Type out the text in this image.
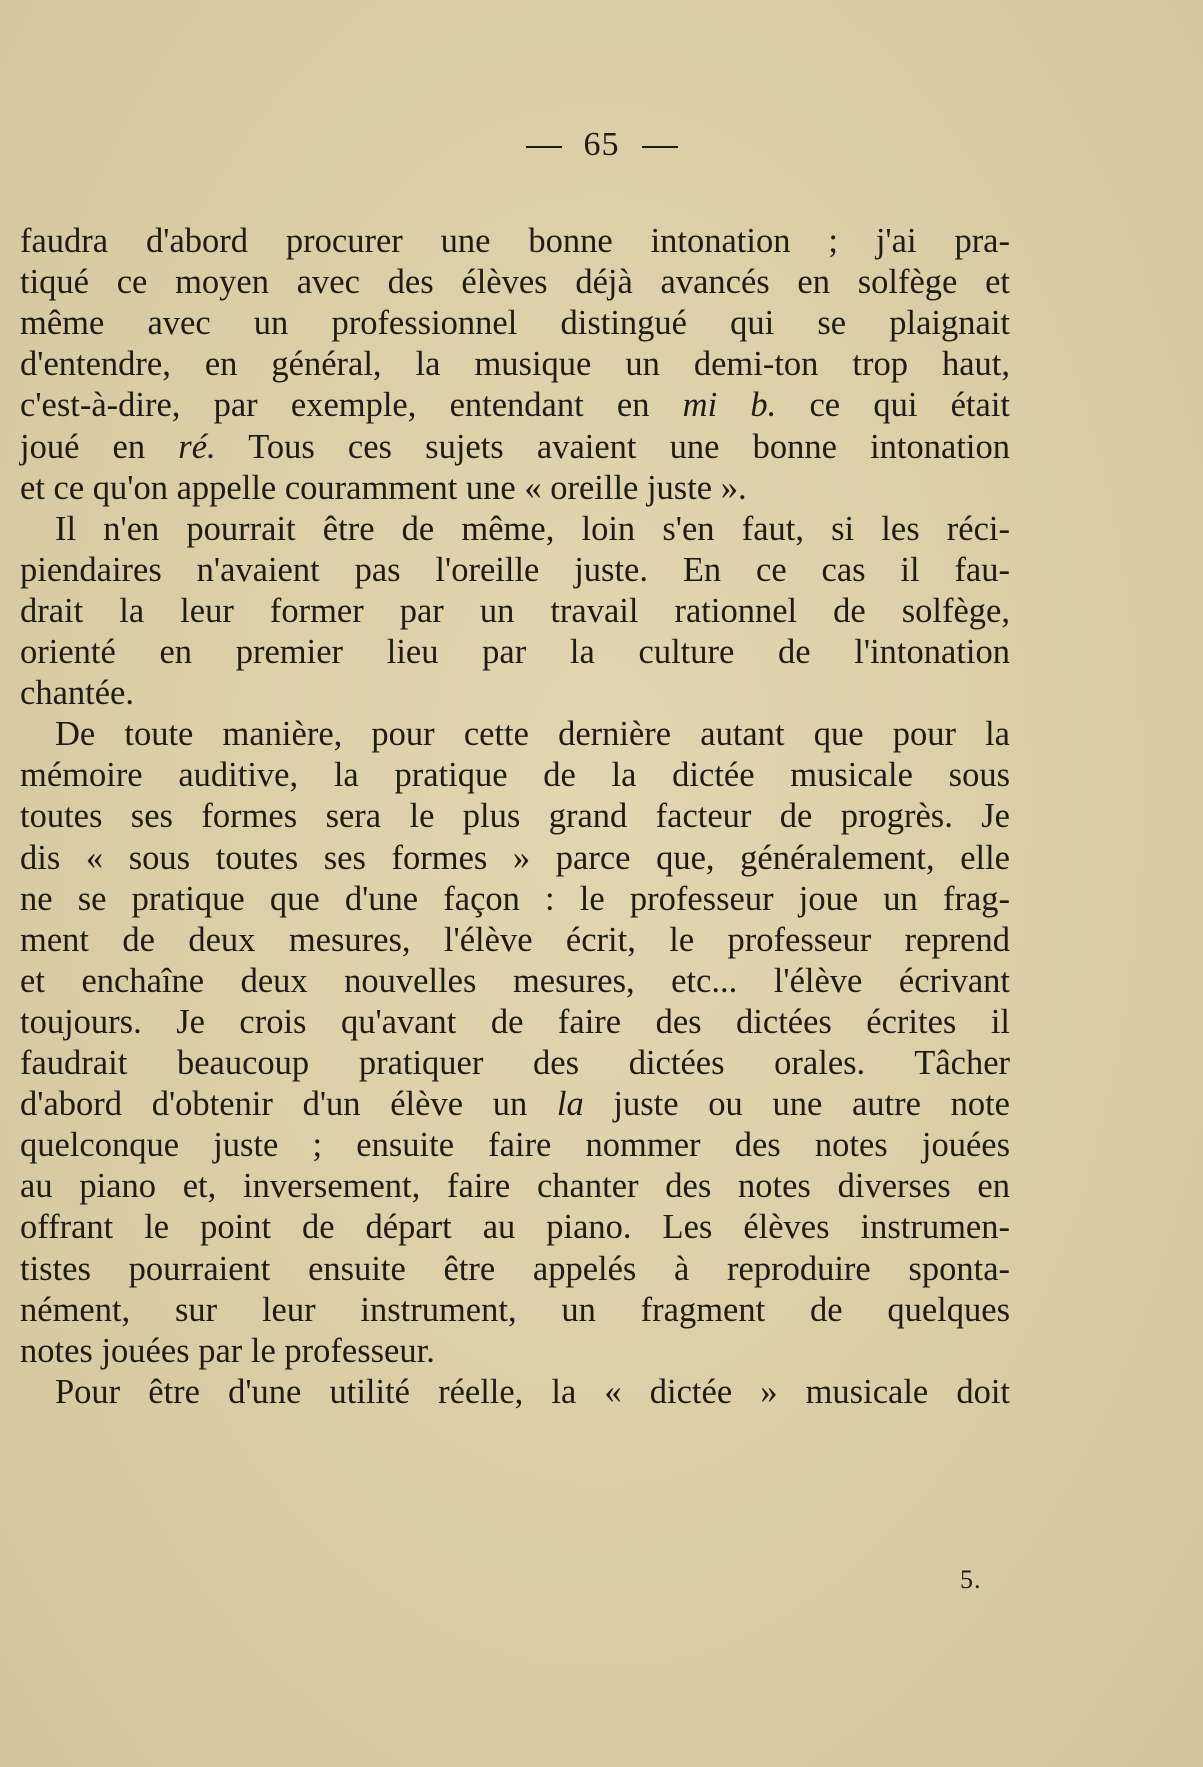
65
faudra d'abord procurer une bonne intonation ; j'ai pra-
tiqué ce moyen avec des élèves déjà avancés en solfège et
même avec un professionnel distingué qui se plaignait
d'entendre, en général, la musique un demi-ton trop haut,
c'est-à-dire, par exemple, entendant en mi b. ce qui était
joué en ré. Tous ces sujets avaient une bonne intonation
et ce qu'on appelle couramment une « oreille juste ».
Il n'en pourrait être de même, loin s'en faut, si les réci-
piendaires n'avaient pas l'oreille juste. En ce cas il fau-
drait la leur former par un travail rationnel de solfège,
orienté en premier lieu par la culture de l'intonation
chantée.
De toute manière, pour cette dernière autant que pour la
mémoire auditive, la pratique de la dictée musicale sous
toutes ses formes sera le plus grand facteur de progrès. Je
dis « sous toutes ses formes » parce que, généralement, elle
ne se pratique que d'une façon : le professeur joue un frag-
ment de deux mesures, l'élève écrit, le professeur reprend
et enchaîne deux nouvelles mesures, etc... l'élève écrivant
toujours. Je crois qu'avant de faire des dictées écrites il
faudrait beaucoup pratiquer des dictées orales. Tâcher
d'abord d'obtenir d'un élève un la juste ou une autre note
quelconque juste ; ensuite faire nommer des notes jouées
au piano et, inversement, faire chanter des notes diverses en
offrant le point de départ au piano. Les élèves instrumen-
tistes pourraient ensuite être appelés à reproduire sponta-
nément, sur leur instrument, un fragment de quelques
notes jouées par le professeur.
Pour être d'une utilité réelle, la « dictée » musicale doit
5.
